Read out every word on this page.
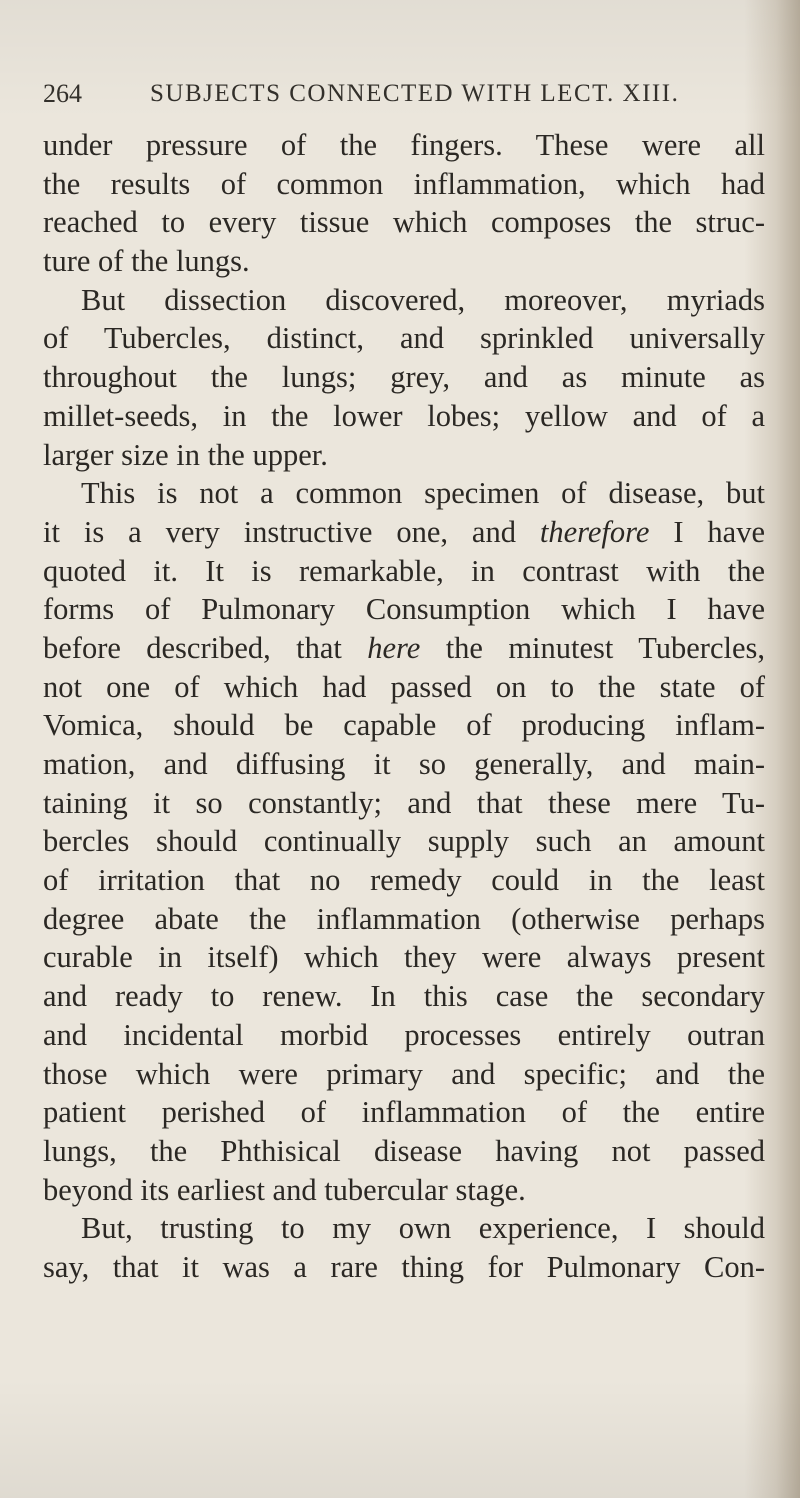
264	SUBJECTS CONNECTED WITH LECT. XIII.
under pressure of the fingers. These were all
the results of common inflammation, which had
reached to every tissue which composes the struc-
ture of the lungs.
But dissection discovered, moreover, myriads
of Tubercles, distinct, and sprinkled universally
throughout the lungs; grey, and as minute as
millet-seeds, in the lower lobes; yellow and of a
larger size in the upper.
This is not a common specimen of disease, but
it is a very instructive one, and therefore I have
quoted it. It is remarkable, in contrast with the
forms of Pulmonary Consumption which I have
before described, that here the minutest Tubercles,
not one of which had passed on to the state of
Vomica, should be capable of producing inflam-
mation, and diffusing it so generally, and main-
taining it so constantly; and that these mere Tu-
bercles should continually supply such an amount
of irritation that no remedy could in the least
degree abate the inflammation (otherwise perhaps
curable in itself) which they were always present
and ready to renew. In this case the secondary
and incidental morbid processes entirely outran
those which were primary and specific; and the
patient perished of inflammation of the entire
lungs, the Phthisical disease having not passed
beyond its earliest and tubercular stage.
But, trusting to my own experience, I should
say, that it was a rare thing for Pulmonary Con-
